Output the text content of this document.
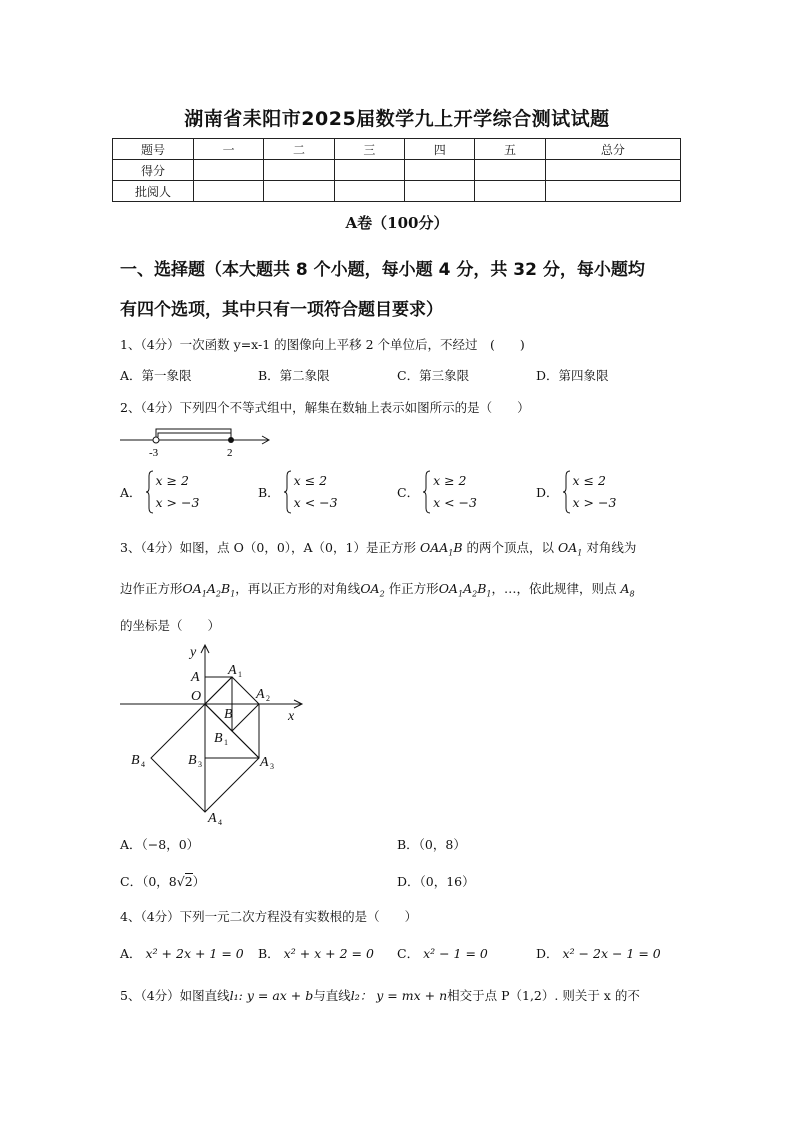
湖南省耒阳市2025届数学九上开学综合测试试题
题号	一	二	三	四	五	总分
得分						
批阅人						
A卷（100分）
一、选择题（本大题共 8 个小题，每小题 4 分，共 32 分，每小题均
有四个选项，其中只有一项符合题目要求）
1、（4分）一次函数 y=x-1 的图像向上平移 2 个单位后，不经过　(　　)
A．第一象限	B．第二象限	C．第三象限	D．第四象限
2、（4分）下列四个不等式组中，解集在数轴上表示如图所示的是（　　）
-3	2
A．
x ≥ 2
x > −3
B．
x ≤ 2
x < −3
C．
x ≥ 2
x < −3
D．
x ≤ 2
x > −3
3、（4分）如图，点 O（0，0），A（0，1）是正方形 $OAA_1B$ 的两个顶点，以 $OA_1$ 对角线为
边作正方形$OA_1A_2B_1$，再以正方形的对角线$OA_2$ 作正方形$OA_1A_2B_1$，…，依此规律，则点 $A_8$
的坐标是（　　）
y
x
A A
O	A
B
B
B
B	A
A
1
2
1
3
4	3
4
A．（−8，0）	B．（0，8）
C．（0，8√2）	D．（0，16）
4、（4分）下列一元二次方程没有实数根的是（　　）
A． x² + 2x + 1 = 0 B． x² + x + 2 = 0 C． x² − 1 = 0	D． x² − 2x − 1 = 0
5、（4分）如图直线l₁: y = ax + b与直线l₂： y = mx + n相交于点 P（1,2）. 则关于 x 的不
